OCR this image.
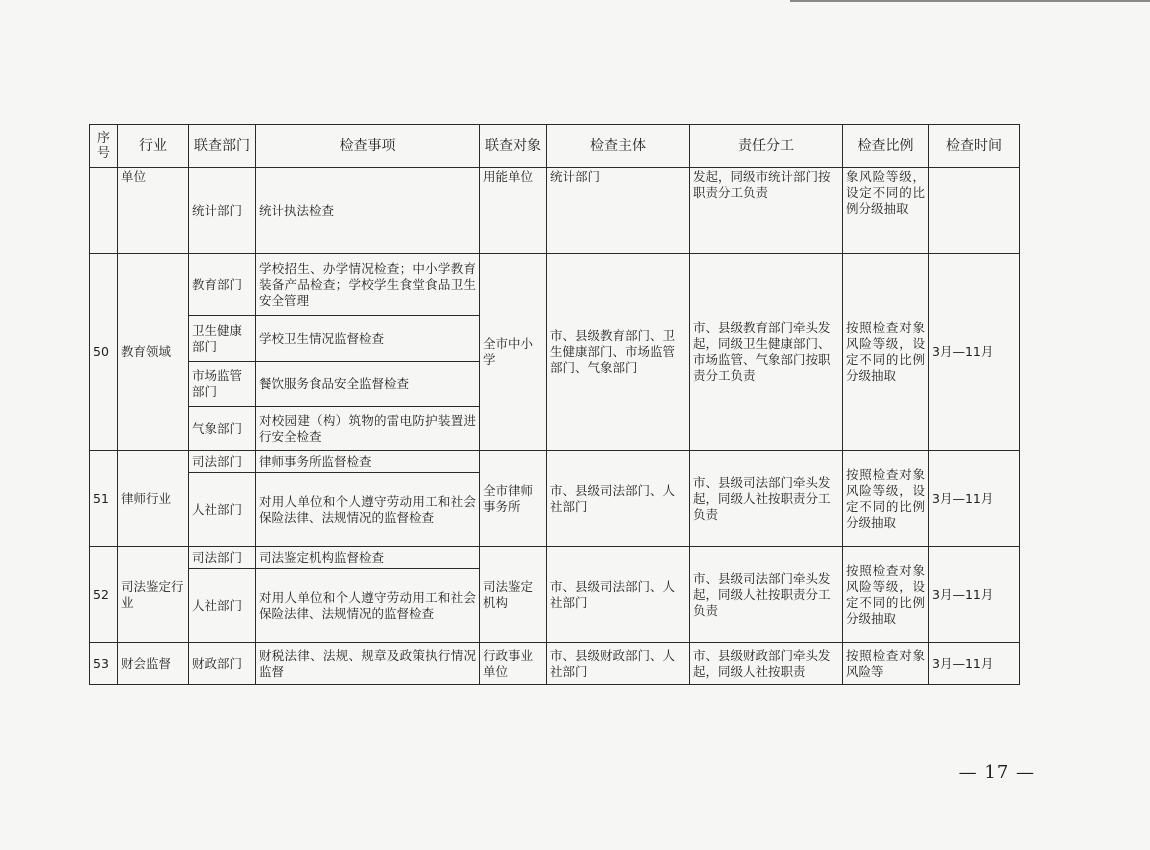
序号	行业	联查部门	检查事项	联查对象	检查主体	责任分工	检查比例	检查时间
	单位	统计部门	统计执法检查	用能单位	统计部门	发起，同级市统计部门按职责分工负责	象风险等级，设定不同的比例分级抽取	
50	教育领域	教育部门	学校招生、办学情况检查；中小学教育装备产品检查；学校学生食堂食品卫生安全管理	全市中小学	市、县级教育部门、卫生健康部门、市场监管部门、气象部门	市、县级教育部门牵头发起，同级卫生健康部门、市场监管、气象部门按职责分工负责	按照检查对象风险等级，设定不同的比例分级抽取	3月—11月
		卫生健康部门	学校卫生情况监督检查					
		市场监管部门	餐饮服务食品安全监督检查					
		气象部门	对校园建（构）筑物的雷电防护装置进行安全检查					
51	律师行业	司法部门	律师事务所监督检查	全市律师事务所	市、县级司法部门、人社部门	市、县级司法部门牵头发起，同级人社按职责分工负责	按照检查对象风险等级，设定不同的比例分级抽取	3月—11月
		人社部门	对用人单位和个人遵守劳动用工和社会保险法律、法规情况的监督检查					
52	司法鉴定行业	司法部门	司法鉴定机构监督检查	司法鉴定机构	市、县级司法部门、人社部门	市、县级司法部门牵头发起，同级人社按职责分工负责	按照检查对象风险等级，设定不同的比例分级抽取	3月—11月
		人社部门	对用人单位和个人遵守劳动用工和社会保险法律、法规情况的监督检查					
53	财会监督	财政部门	财税法律、法规、规章及政策执行情况监督	行政事业单位	市、县级财政部门、人社部门	市、县级财政部门牵头发起，同级人社按职责	按照检查对象风险等	3月—11月
— 17 —
